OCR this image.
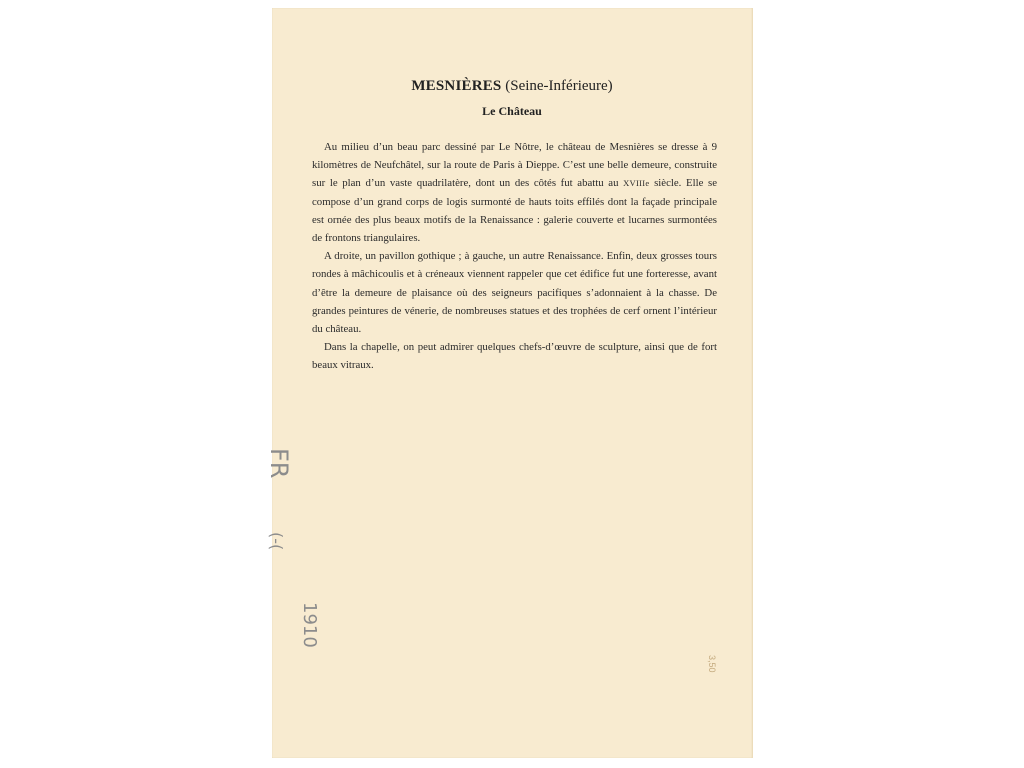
MESNIÈRES (Seine-Inférieure)
Le Château

Au milieu d’un beau parc dessiné par Le Nôtre, le château de Mesnières se dresse à 9 kilomètres de Neufchâtel, sur la route de Paris à Dieppe. C’est une belle demeure, construite sur le plan d’un vaste quadrilatère, dont un des côtés fut abattu au XVIIIe siècle. Elle se compose d’un grand corps de logis surmonté de hauts toits effilés dont la façade principale est ornée des plus beaux motifs de la Renaissance : galerie couverte et lucarnes surmontées de frontons triangulaires.

A droite, un pavillon gothique ; à gauche, un autre Renaissance. Enfin, deux grosses tours rondes à mâchicoulis et à créneaux viennent rappeler que cet édifice fut une forteresse, avant d’être la demeure de plaisance où des seigneurs pacifiques s’adonnaient à la chasse. De grandes peintures de vénerie, de nombreuses statues et des trophées de cerf ornent l’intérieur du château.

Dans la chapelle, on peut admirer quelques chefs-d’œuvre de sculpture, ainsi que de fort beaux vitraux.

FR
(-(
1910
3,50
